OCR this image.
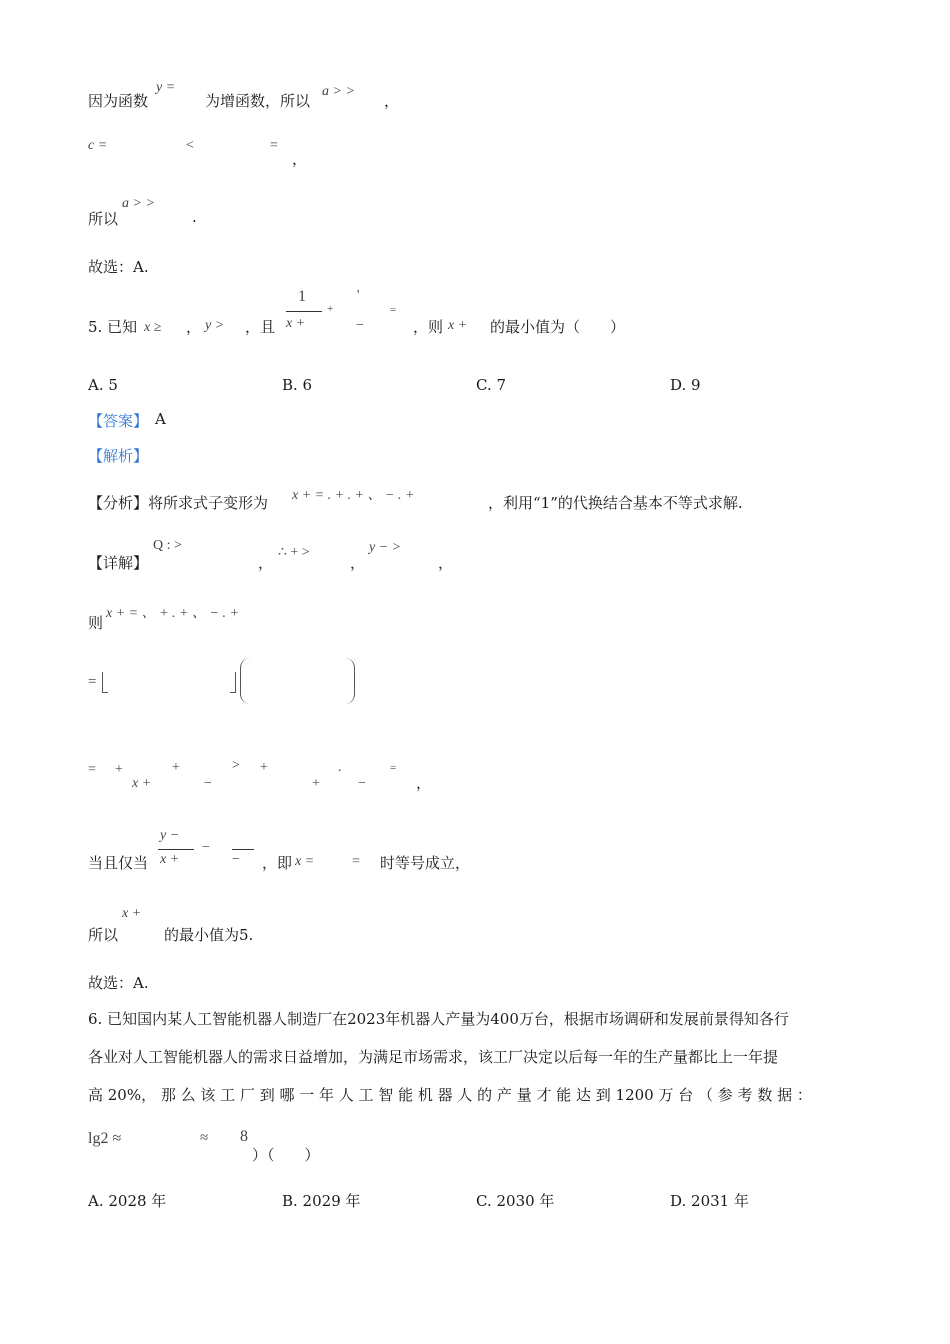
因为函数
y =
为增函数，所以
a > >
，
c =	<	=
，
所以
a > >
.
故选：A.
5. 已知 x ≥ ， y > ，且
1
x +
+
'
−
=
，则 x + 的最小值为（　　）
A. 5	B. 6	C. 7	D. 9
【答案】 A
【解析】
【分析】将所求式子变形为 x + = . + . + 、 − . +	，利用“1”的代换结合基本不等式求解.
【详解】
Q : >
，
∴ + >
，
y − >
，
则
x + = 、 + . + 、 − . +
=
= +
x +
+	> +
−
.
+	−
=
，
当且仅当
y −
x +
−
− ，即 x =	= 时等号成立，
所以
x +
的最小值为5.
故选：A.
6. 已知国内某人工智能机器人制造厂在2023年机器人产量为400万台，根据市场调研和发展前景得知各行
各业对人工智能机器人的需求日益增加，为满足市场需求，该工厂决定以后每一年的生产量都比上一年提
高 20%， 那 么 该 工 厂 到 哪 一 年 人 工 智 能 机 器 人 的 产 量 才 能 达 到 1200 万 台 （ 参 考 数 据 ：
lg2 ≈	≈ 8
）（　　）
A. 2028 年	B. 2029 年	C. 2030 年	D. 2031 年
